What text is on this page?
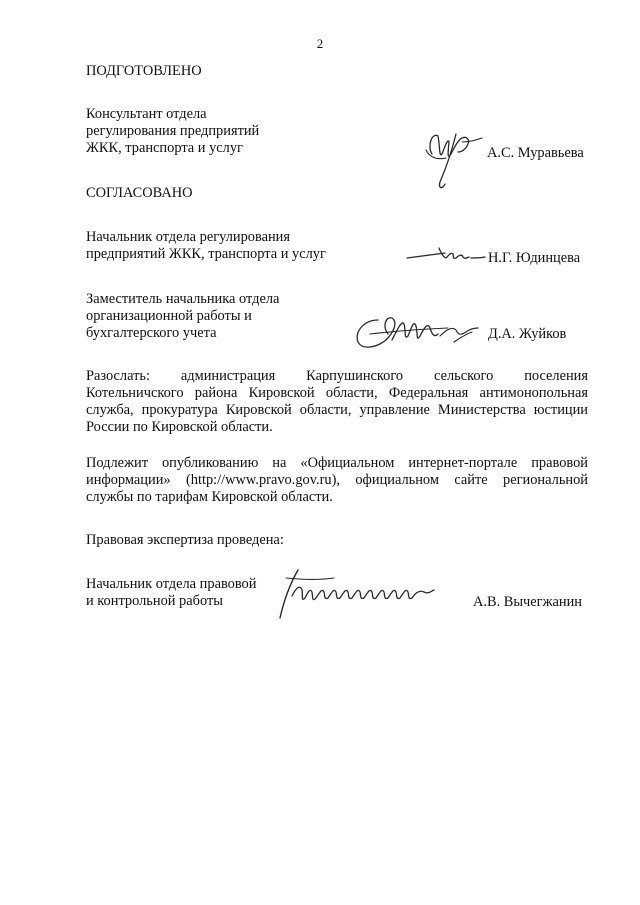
2
ПОДГОТОВЛЕНО
Консультант отдела
регулирования предприятий
ЖКК, транспорта и услуг	А.С. Муравьева
СОГЛАСОВАНО
Начальник отдела регулирования
предприятий ЖКК, транспорта и услуг	Н.Г. Юдинцева
Заместитель начальника отдела
организационной работы и
бухгалтерского учета	Д.А. Жуйков
Разослать: администрация Карпушинского сельского поселения
Котельничского района Кировской области, Федеральная антимонопольная
служба, прокуратура Кировской области, управление Министерства юстиции
России по Кировской области.
Подлежит опубликованию на «Официальном интернет-портале правовой
информации» (http://www.pravo.gov.ru), официальном сайте региональной
службы по тарифам Кировской области.
Правовая экспертиза проведена:
Начальник отдела правовой
и контрольной работы	А.В. Вычегжанин
